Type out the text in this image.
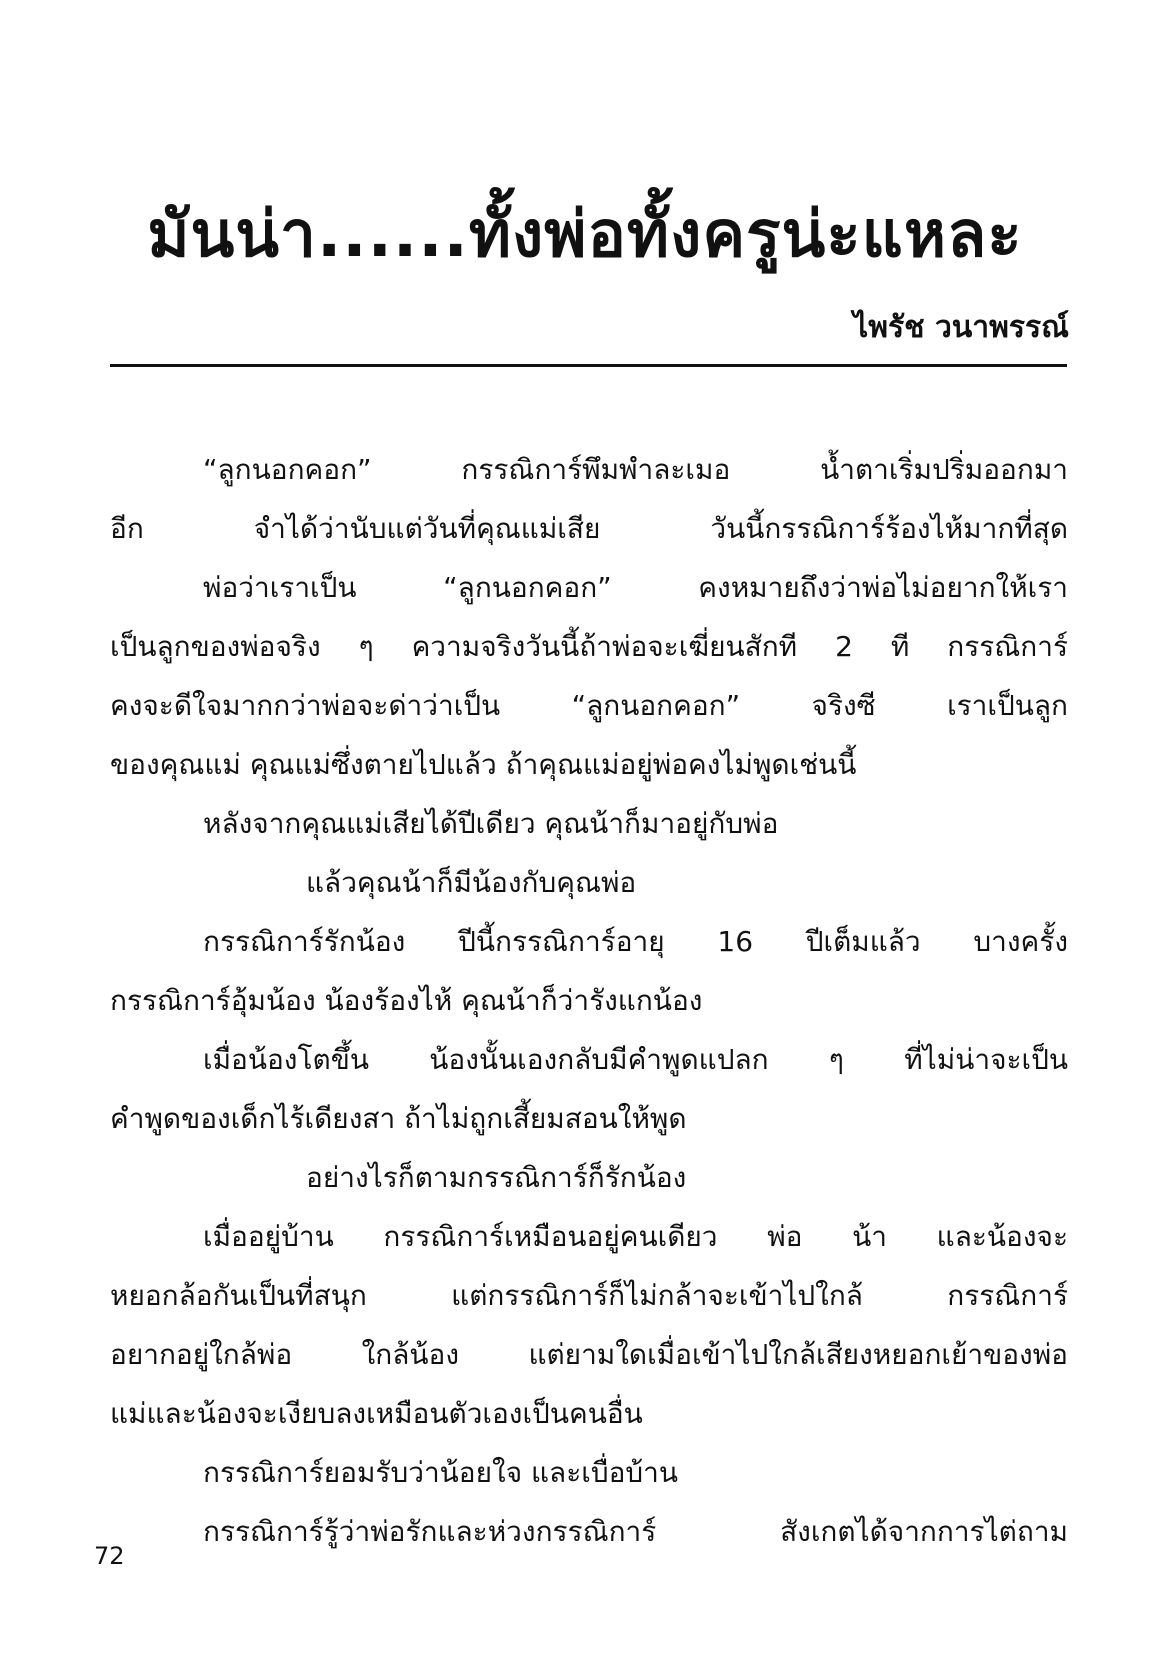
มันน่า......ทั้งพ่อทั้งครูน่ะแหละ
ไพรัช วนาพรรณ์

“ลูกนอกคอก” กรรณิการ์พึมพำละเมอ น้ำตาเริ่มปริ่มออกมา

อีก จำได้ว่านับแต่วันที่คุณแม่เสีย วันนี้กรรณิการ์ร้องไห้มากที่สุด

พ่อว่าเราเป็น “ลูกนอกคอก” คงหมายถึงว่าพ่อไม่อยากให้เรา

เป็นลูกของพ่อจริง ๆ ความจริงวันนี้ถ้าพ่อจะเฆี่ยนสักที 2 ที กรรณิการ์

คงจะดีใจมากกว่าพ่อจะด่าว่าเป็น “ลูกนอกคอก” จริงซี เราเป็นลูก

ของคุณแม่ คุณแม่ซึ่งตายไปแล้ว ถ้าคุณแม่อยู่พ่อคงไม่พูดเช่นนี้

หลังจากคุณแม่เสียได้ปีเดียว คุณน้าก็มาอยู่กับพ่อ

แล้วคุณน้าก็มีน้องกับคุณพ่อ

กรรณิการ์รักน้อง ปีนี้กรรณิการ์อายุ 16 ปีเต็มแล้ว บางครั้ง

กรรณิการ์อุ้มน้อง น้องร้องไห้ คุณน้าก็ว่ารังแกน้อง

เมื่อน้องโตขึ้น น้องนั้นเองกลับมีคำพูดแปลก ๆ ที่ไม่น่าจะเป็น

คำพูดของเด็กไร้เดียงสา ถ้าไม่ถูกเสี้ยมสอนให้พูด

อย่างไรก็ตามกรรณิการ์ก็รักน้อง

เมื่ออยู่บ้าน กรรณิการ์เหมือนอยู่คนเดียว พ่อ น้า และน้องจะ

หยอกล้อกันเป็นที่สนุก แต่กรรณิการ์ก็ไม่กล้าจะเข้าไปใกล้ กรรณิการ์

อยากอยู่ใกล้พ่อ ใกล้น้อง แต่ยามใดเมื่อเข้าไปใกล้เสียงหยอกเย้าของพ่อ

แม่และน้องจะเงียบลงเหมือนตัวเองเป็นคนอื่น

กรรณิการ์ยอมรับว่าน้อยใจ และเบื่อบ้าน

กรรณิการ์รู้ว่าพ่อรักและห่วงกรรณิการ์ สังเกตได้จากการไต่ถาม

72
